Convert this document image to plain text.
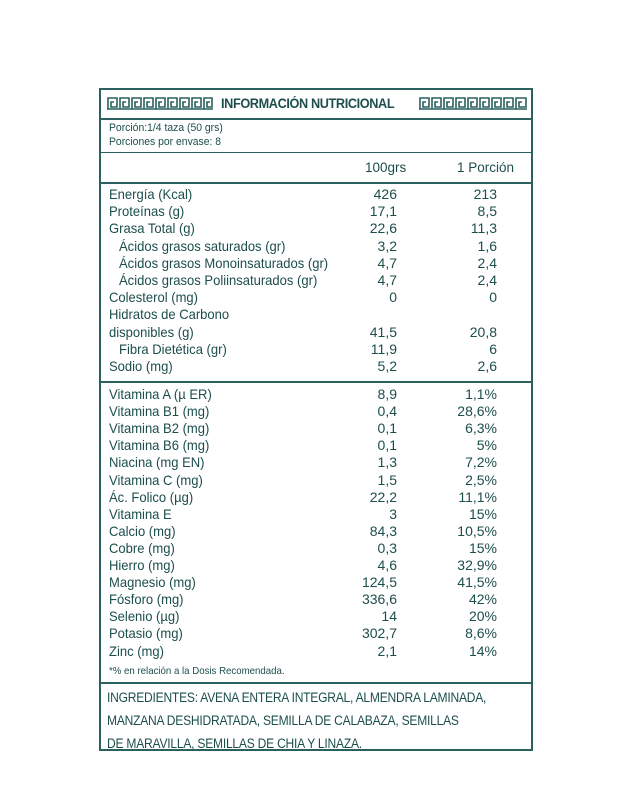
INFORMACIÓN NUTRICIONAL
Porción:1/4 taza (50 grs)
Porciones por envase: 8
100grs	1 Porción
Energía (Kcal)	426	213
Proteínas (g)	17,1	8,5
Grasa Total (g)	22,6	11,3
Ácidos grasos saturados (gr)	3,2	1,6
Ácidos grasos Monoinsaturados (gr)	4,7	2,4
Ácidos grasos Poliinsaturados (gr)	4,7	2,4
Colesterol (mg)	0	0
Hidratos de Carbono
disponibles (g)	41,5	20,8
Fibra Dietética (gr)	11,9	6
Sodio (mg)	5,2	2,6
Vitamina A (µ ER)	8,9	1,1%
Vitamina B1 (mg)	0,4	28,6%
Vitamina B2 (mg)	0,1	6,3%
Vitamina B6 (mg)	0,1	5%
Niacina (mg EN)	1,3	7,2%
Vitamina C (mg)	1,5	2,5%
Ác. Folico (µg)	22,2	11,1%
Vitamina E	3	15%
Calcio (mg)	84,3	10,5%
Cobre (mg)	0,3	15%
Hierro (mg)	4,6	32,9%
Magnesio (mg)	124,5	41,5%
Fósforo (mg)	336,6	42%
Selenio (µg)	14	20%
Potasio (mg)	302,7	8,6%
Zinc (mg)	2,1	14%
*% en relación a la Dosis Recomendada.
INGREDIENTES: AVENA ENTERA INTEGRAL, ALMENDRA LAMINADA,
MANZANA DESHIDRATADA, SEMILLA DE CALABAZA, SEMILLAS
DE MARAVILLA, SEMILLAS DE CHIA Y LINAZA.
